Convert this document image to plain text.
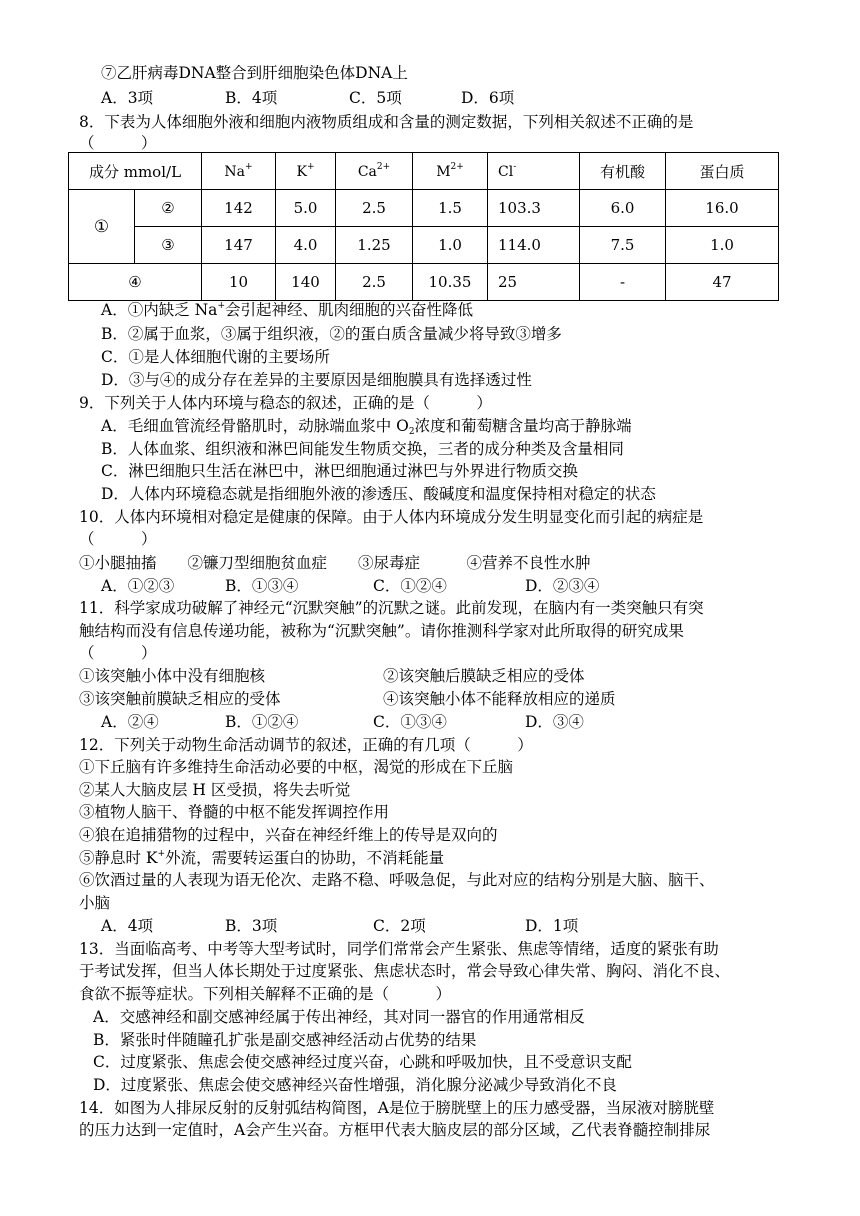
⑦乙肝病毒DNA整合到肝细胞染色体DNA上
A．3项	B．4项	C．5项	D．6项
8．下表为人体细胞外液和细胞内液物质组成和含量的测定数据，下列相关叙述不正确的是
（　　　）
成分 mmol/L		Na+	K+	$Ca^{2+}$	$M^{2+}$	Cl-	有机酸	蛋白质
①	②	142	5.0	2.5	1.5	103.3	6.0	16.0
	③	147	4.0	1.25	1.0	114.0	7.5	1.0
④		10	140	2.5	10.35	25	-	47
A．①内缺乏 Na+会引起神经、肌肉细胞的兴奋性降低
B．②属于血浆，③属于组织液，②的蛋白质含量减少将导致③增多
C．①是人体细胞代谢的主要场所
D．③与④的成分存在差异的主要原因是细胞膜具有选择透过性
9．下列关于人体内环境与稳态的叙述，正确的是（　　　）
A．毛细血管流经骨骼肌时，动脉端血浆中 $O_2$浓度和葡萄糖含量均高于静脉端
B．人体血浆、组织液和淋巴间能发生物质交换，三者的成分种类及含量相同
C．淋巴细胞只生活在淋巴中，淋巴细胞通过淋巴与外界进行物质交换
D．人体内环境稳态就是指细胞外液的渗透压、酸碱度和温度保持相对稳定的状态
10．人体内环境相对稳定是健康的保障。由于人体内环境成分发生明显变化而引起的病症是
（　　　）
①小腿抽搐　　②镰刀型细胞贫血症　　③尿毒症　　　④营养不良性水肿
A．①②③	B．①③④	C．①②④	D．②③④
11．科学家成功破解了神经元“沉默突触”的沉默之谜。此前发现，在脑内有一类突触只有突
触结构而没有信息传递功能，被称为“沉默突触”。请你推测科学家对此所取得的研究成果
（　　　）
①该突触小体中没有细胞核	②该突触后膜缺乏相应的受体
③该突触前膜缺乏相应的受体	④该突触小体不能释放相应的递质
A．②④	B．①②④	C．①③④	D．③④
12．下列关于动物生命活动调节的叙述，正确的有几项（　　　）
①下丘脑有许多维持生命活动必要的中枢，渴觉的形成在下丘脑
②某人大脑皮层 H 区受损，将失去听觉
③植物人脑干、脊髓的中枢不能发挥调控作用
④狼在追捕猎物的过程中，兴奋在神经纤维上的传导是双向的
⑤静息时 K+外流，需要转运蛋白的协助，不消耗能量
⑥饮酒过量的人表现为语无伦次、走路不稳、呼吸急促，与此对应的结构分别是大脑、脑干、
小脑
A．4项	B．3项	C．2项	D．1项
13．当面临高考、中考等大型考试时，同学们常常会产生紧张、焦虑等情绪，适度的紧张有助
于考试发挥，但当人体长期处于过度紧张、焦虑状态时，常会导致心律失常、胸闷、消化不良、
食欲不振等症状。下列相关解释不正确的是（　　　）
A．交感神经和副交感神经属于传出神经，其对同一器官的作用通常相反
B．紧张时伴随瞳孔扩张是副交感神经活动占优势的结果
C．过度紧张、焦虑会使交感神经过度兴奋，心跳和呼吸加快，且不受意识支配
D．过度紧张、焦虑会使交感神经兴奋性增强，消化腺分泌减少导致消化不良
14．如图为人排尿反射的反射弧结构简图，A是位于膀胱壁上的压力感受器，当尿液对膀胱壁
的压力达到一定值时，A会产生兴奋。方框甲代表大脑皮层的部分区域，乙代表脊髓控制排尿
